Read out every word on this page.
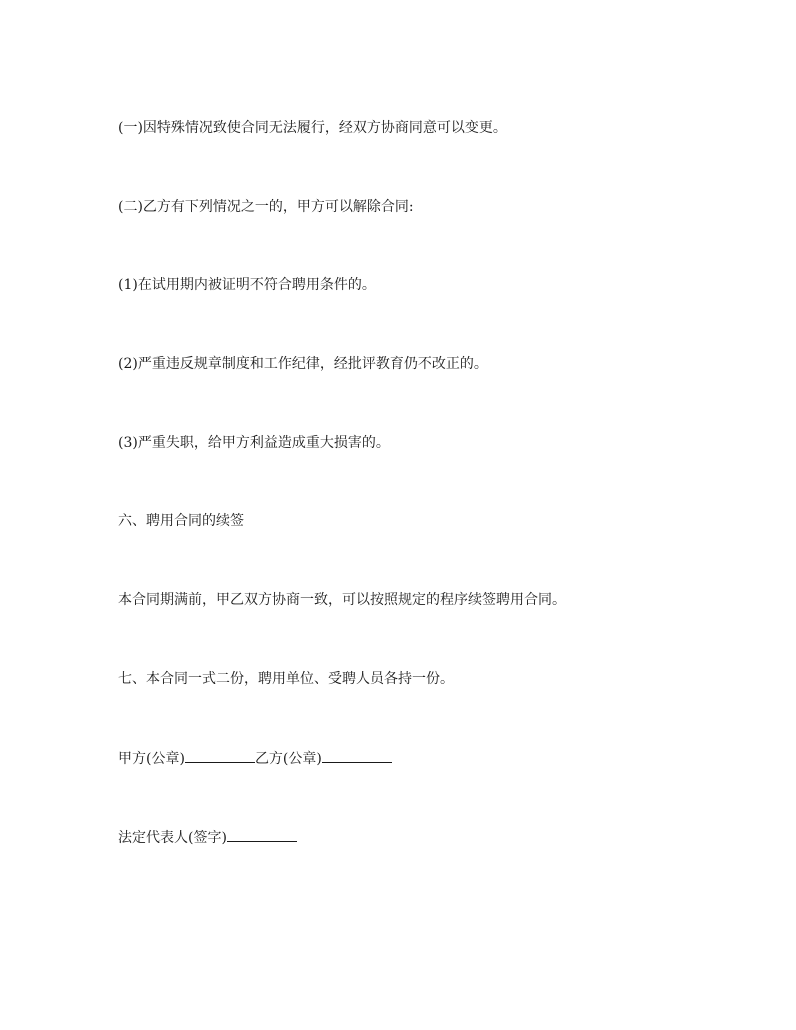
(一)因特殊情况致使合同无法履行，经双方协商同意可以变更。

(二)乙方有下列情况之一的，甲方可以解除合同:

(1)在试用期内被证明不符合聘用条件的。

(2)严重违反规章制度和工作纪律，经批评教育仍不改正的。

(3)严重失职，给甲方利益造成重大损害的。

六、聘用合同的续签

本合同期满前，甲乙双方协商一致，可以按照规定的程序续签聘用合同。

七、本合同一式二份，聘用单位、受聘人员各持一份。

甲方(公章)	乙方(公章)

法定代表人(签字)
